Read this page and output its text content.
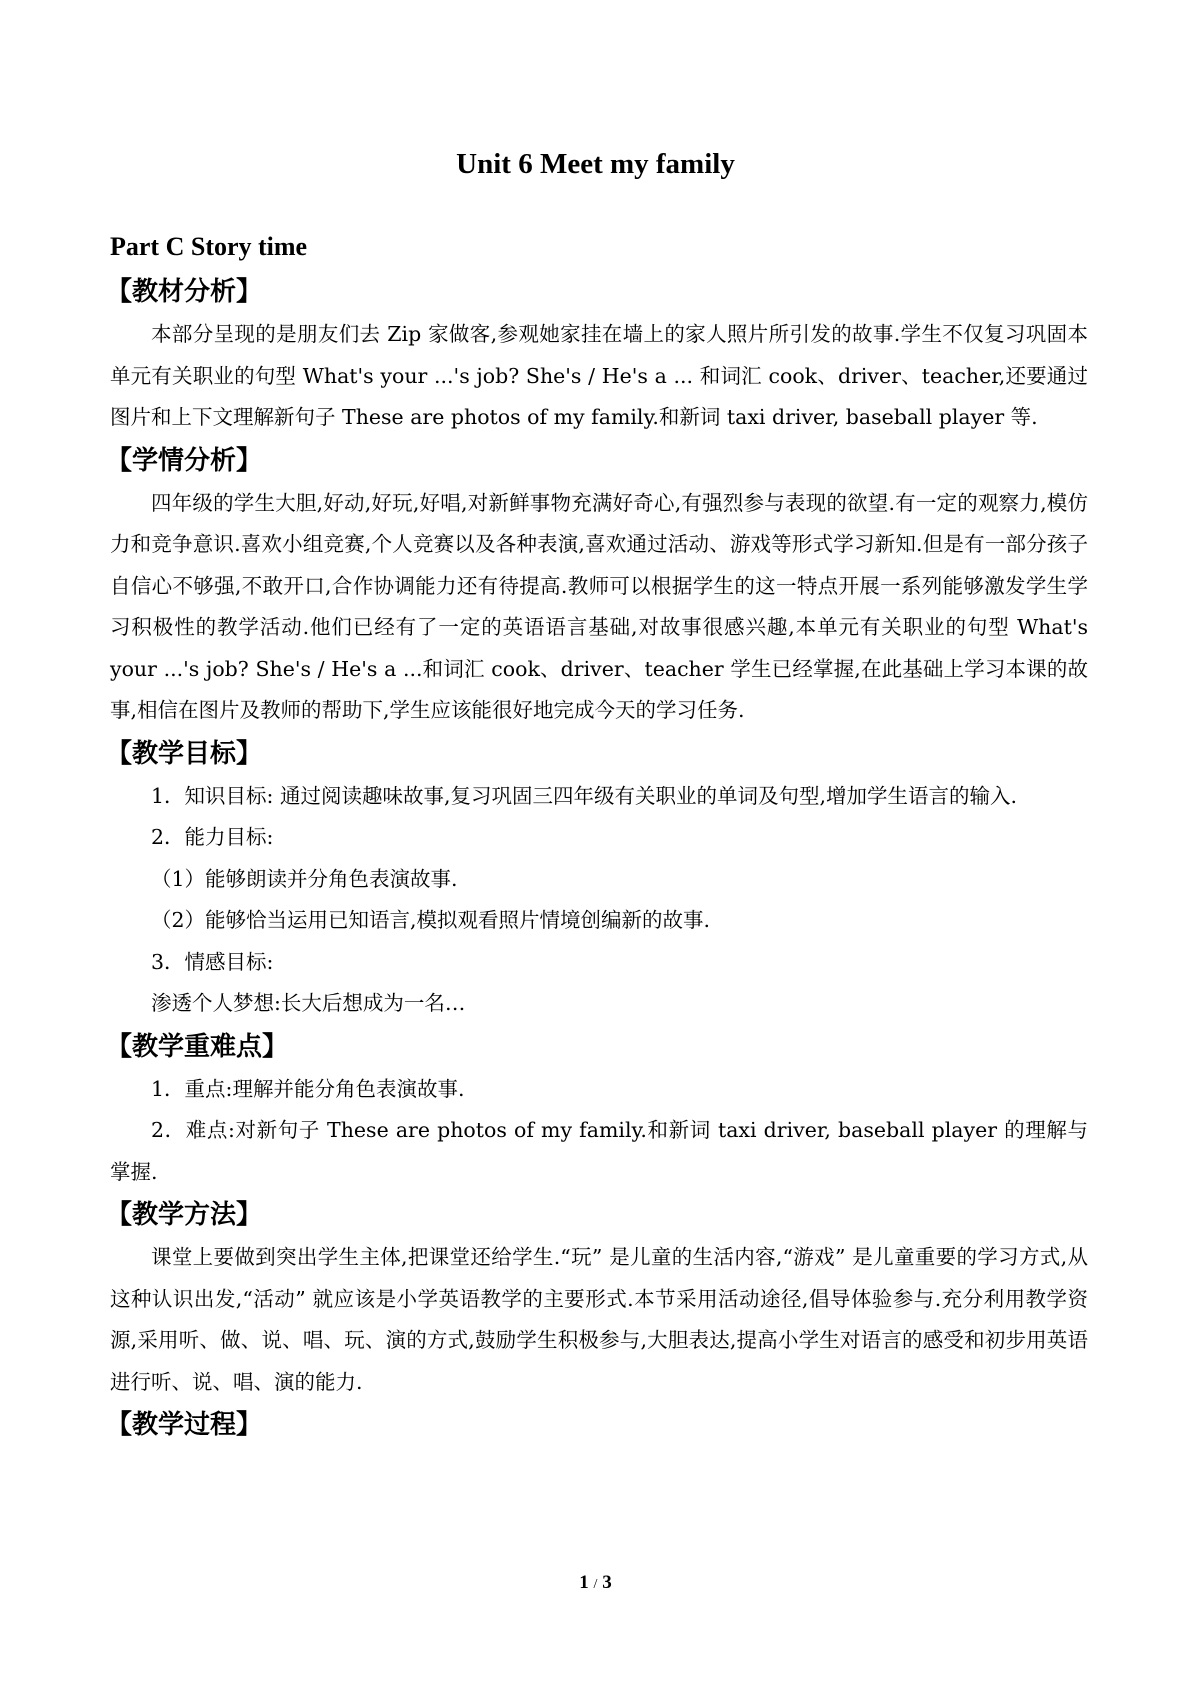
Unit 6 Meet my family
Part C Story time
【教材分析】

本部分呈现的是朋友们去 Zip 家做客,参观她家挂在墙上的家人照片所引发的故事.学生不仅复习巩固本单元有关职业的句型 What's your ...'s job? She's / He's a ... 和词汇 cook、driver、teacher,还要通过图片和上下文理解新句子 These are photos of my family.和新词 taxi driver, baseball player 等.

【学情分析】

四年级的学生大胆,好动,好玩,好唱,对新鲜事物充满好奇心,有强烈参与表现的欲望.有一定的观察力,模仿力和竞争意识.喜欢小组竞赛,个人竞赛以及各种表演,喜欢通过活动、游戏等形式学习新知.但是有一部分孩子自信心不够强,不敢开口,合作协调能力还有待提高.教师可以根据学生的这一特点开展一系列能够激发学生学习积极性的教学活动.他们已经有了一定的英语语言基础,对故事很感兴趣,本单元有关职业的句型 What's your ...'s job? She's / He's a ...和词汇 cook、driver、teacher 学生已经掌握,在此基础上学习本课的故事,相信在图片及教师的帮助下,学生应该能很好地完成今天的学习任务.

【教学目标】

1．知识目标: 通过阅读趣味故事,复习巩固三四年级有关职业的单词及句型,增加学生语言的输入.

2．能力目标:

（1）能够朗读并分角色表演故事.

（2）能够恰当运用已知语言,模拟观看照片情境创编新的故事.

3．情感目标:

渗透个人梦想:长大后想成为一名…

【教学重难点】

1．重点:理解并能分角色表演故事.

2．难点:对新句子 These are photos of my family.和新词 taxi driver, baseball player 的理解与掌握.

【教学方法】

课堂上要做到突出学生主体,把课堂还给学生.“玩” 是儿童的生活内容,“游戏” 是儿童重要的学习方式,从这种认识出发,“活动” 就应该是小学英语教学的主要形式.本节采用活动途径,倡导体验参与.充分利用教学资源,采用听、做、说、唱、玩、演的方式,鼓励学生积极参与,大胆表达,提高小学生对语言的感受和初步用英语进行听、说、唱、演的能力.

【教学过程】
1 / 3
